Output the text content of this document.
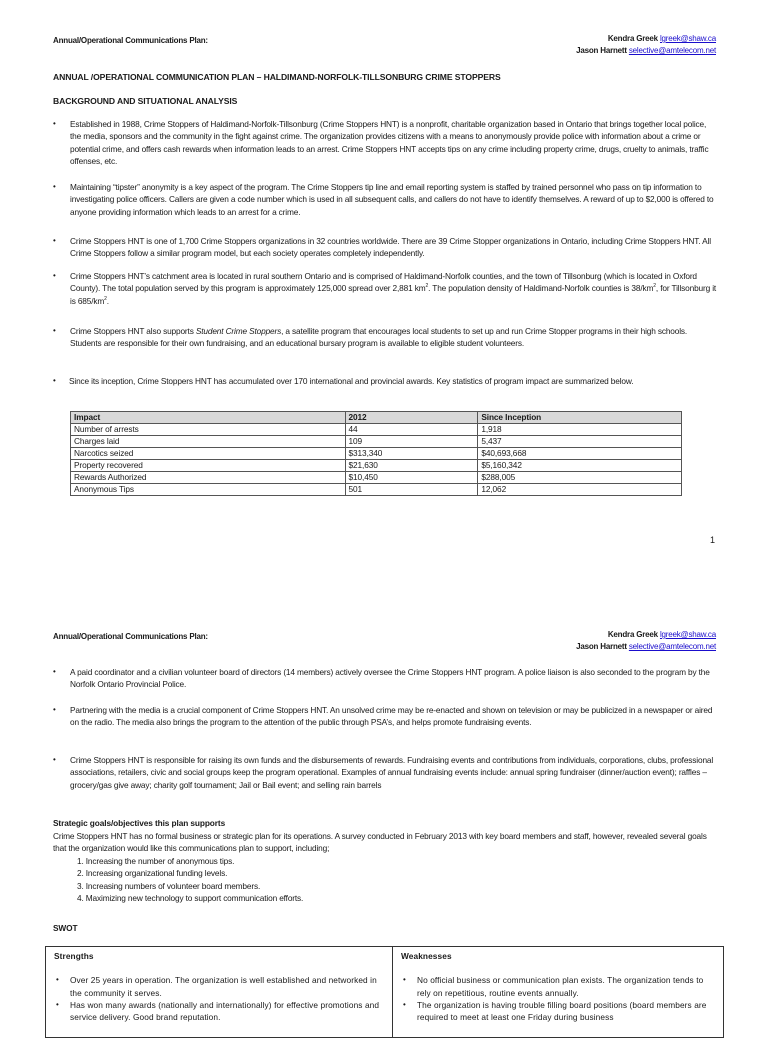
Annual/Operational Communications Plan:	Kendra Greek lgreek@shaw.ca
Jason Harnett selective@amtelecom.net
ANNUAL /OPERATIONAL COMMUNICATION PLAN – HALDIMAND-NORFOLK-TILLSONBURG CRIME STOPPERS
BACKGROUND AND SITUATIONAL ANALYSIS
•	Established in 1988, Crime Stoppers of Haldimand-Norfolk-Tillsonburg (Crime Stoppers HNT) is a nonprofit, charitable organization based in Ontario that brings together local police, the media, sponsors and the community in the fight against crime. The organization provides citizens with a means to anonymously provide police with information about a crime or potential crime, and offers cash rewards when information leads to an arrest. Crime Stoppers HNT accepts tips on any crime including property crime, drugs, cruelty to animals, traffic offenses, etc.
•	Maintaining “tipster” anonymity is a key aspect of the program. The Crime Stoppers tip line and email reporting system is staffed by trained personnel who pass on tip information to investigating police officers. Callers are given a code number which is used in all subsequent calls, and callers do not have to identify themselves. A reward of up to $2,000 is offered to anyone providing information which leads to an arrest for a crime.
•	Crime Stoppers HNT is one of 1,700 Crime Stoppers organizations in 32 countries worldwide. There are 39 Crime Stopper organizations in Ontario, including Crime Stoppers HNT. All Crime Stoppers follow a similar program model, but each society operates completely independently.
•	Crime Stoppers HNT’s catchment area is located in rural southern Ontario and is comprised of Haldimand-Norfolk counties, and the town of Tillsonburg (which is located in Oxford County). The total population served by this program is approximately 125,000 spread over 2,881 $km^2$. The population density of Haldimand-Norfolk counties is $38/km^2$, for Tillsonburg it is $685/km^2$.
•	Crime Stoppers HNT also supports Student Crime Stoppers, a satellite program that encourages local students to set up and run Crime Stopper programs in their high schools. Students are responsible for their own fundraising, and an educational bursary program is available to eligible student volunteers.
•	Since its inception, Crime Stoppers HNT has accumulated over 170 international and provincial awards. Key statistics of program impact are summarized below.
Impact	2012	Since Inception
Number of arrests	44	1,918
Charges laid	109	5,437
Narcotics seized	$313,340	$40,693,668
Property recovered	$21,630	$5,160,342
Rewards Authorized	$10,450	$288,005
Anonymous Tips	501	12,062
1
Annual/Operational Communications Plan:	Kendra Greek lgreek@shaw.ca
Jason Harnett selective@amtelecom.net
•	A paid coordinator and a civilian volunteer board of directors (14 members) actively oversee the Crime Stoppers HNT program. A police liaison is also seconded to the program by the Norfolk Ontario Provincial Police.
•	Partnering with the media is a crucial component of Crime Stoppers HNT. An unsolved crime may be re-enacted and shown on television or may be publicized in a newspaper or aired on the radio. The media also brings the program to the attention of the public through PSA’s, and helps promote fundraising events.
•	Crime Stoppers HNT is responsible for raising its own funds and the disbursements of rewards. Fundraising events and contributions from individuals, corporations, clubs, professional associations, retailers, civic and social groups keep the program operational. Examples of annual fundraising events include: annual spring fundraiser (dinner/auction event); raffles – grocery/gas give away; charity golf tournament; Jail or Bail event; and selling rain barrels
Strategic goals/objectives this plan supports
Crime Stoppers HNT has no formal business or strategic plan for its operations. A survey conducted in February 2013 with key board members and staff, however, revealed several goals that the organization would like this communications plan to support, including;
1. Increasing the number of anonymous tips.
2. Increasing organizational funding levels.
3. Increasing numbers of volunteer board members.
4. Maximizing new technology to support communication efforts.
SWOT
Strengths
• Over 25 years in operation. The organization is well established and networked in the community it serves.
• Has won many awards (nationally and internationally) for effective promotions and service delivery. Good brand reputation.
Weaknesses
• No official business or communication plan exists. The organization tends to rely on repetitious, routine events annually.
• The organization is having trouble filling board positions (board members are required to meet at least one Friday during business
